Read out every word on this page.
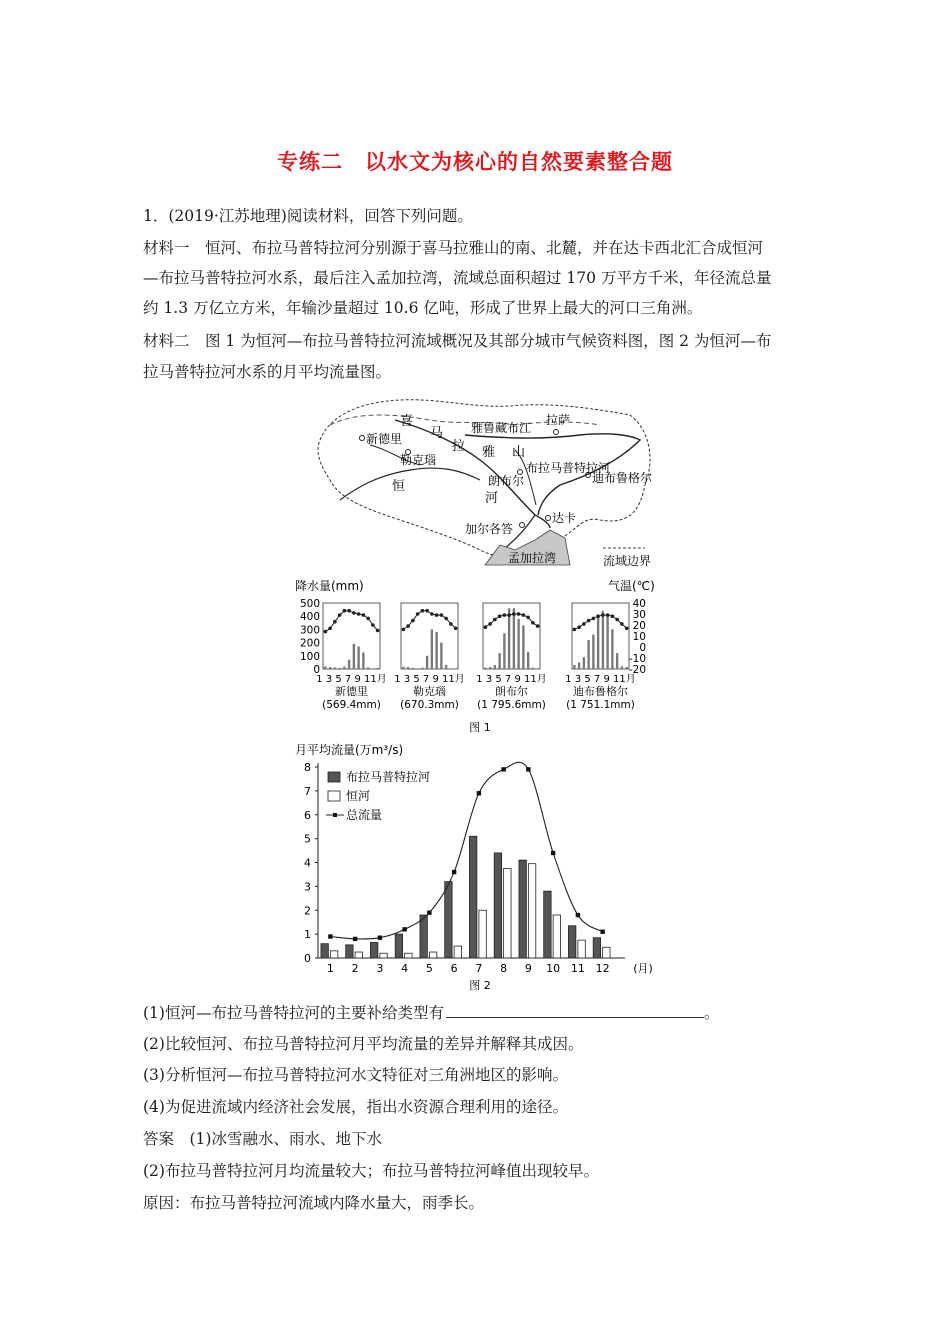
专练二　以水文为核心的自然要素整合题
1．(2019·江苏地理)阅读材料，回答下列问题。
材料一　恒河、布拉马普特拉河分别源于喜马拉雅山的南、北麓，并在达卡西北汇合成恒河
—布拉马普特拉河水系，最后注入孟加拉湾，流域总面积超过 170 万平方千米，年径流总量
约 1.3 万亿立方米，年输沙量超过 10.6 亿吨，形成了世界上最大的河口三角洲。
材料二　图 1 为恒河—布拉马普特拉河流域概况及其部分城市气候资料图，图 2 为恒河—布
拉马普特拉河水系的月平均流量图。
喜
马
拉 雅 山
新德里
勒克瑙
恒
河
朗布尔
雅鲁藏布江
拉萨
布拉马普特拉河
迪布鲁格尔
达卡
加尔各答
孟加拉湾	流域边界
降水量(mm)	气温(℃)
500
400
300
200
100
0
40
30
20
10
0
-10
-20
1 3 5 7 9 11月
新德里
(569.4mm)
1 3 5 7 9 11月
勒克瑙
(670.3mm)
1 3 5 7 9 11月
朗布尔
(1 795.6mm)
1 3 5 7 9 11月
迪布鲁格尔
(1 751.1mm)
图 1
月平均流量(万m³/s)
0
1
2
3
4
5
6
7
8
1 2 3 4 5 6 7 8 9 10 11 12 (月)
布拉马普特拉河
恒河
总流量
图 2
(1)恒河—布拉马普特拉河的主要补给类型有	。
(2)比较恒河、布拉马普特拉河月平均流量的差异并解释其成因。
(3)分析恒河—布拉马普特拉河水文特征对三角洲地区的影响。
(4)为促进流域内经济社会发展，指出水资源合理利用的途径。
答案　(1)冰雪融水、雨水、地下水
(2)布拉马普特拉河月均流量较大；布拉马普特拉河峰值出现较早。
原因：布拉马普特拉河流域内降水量大，雨季长。
